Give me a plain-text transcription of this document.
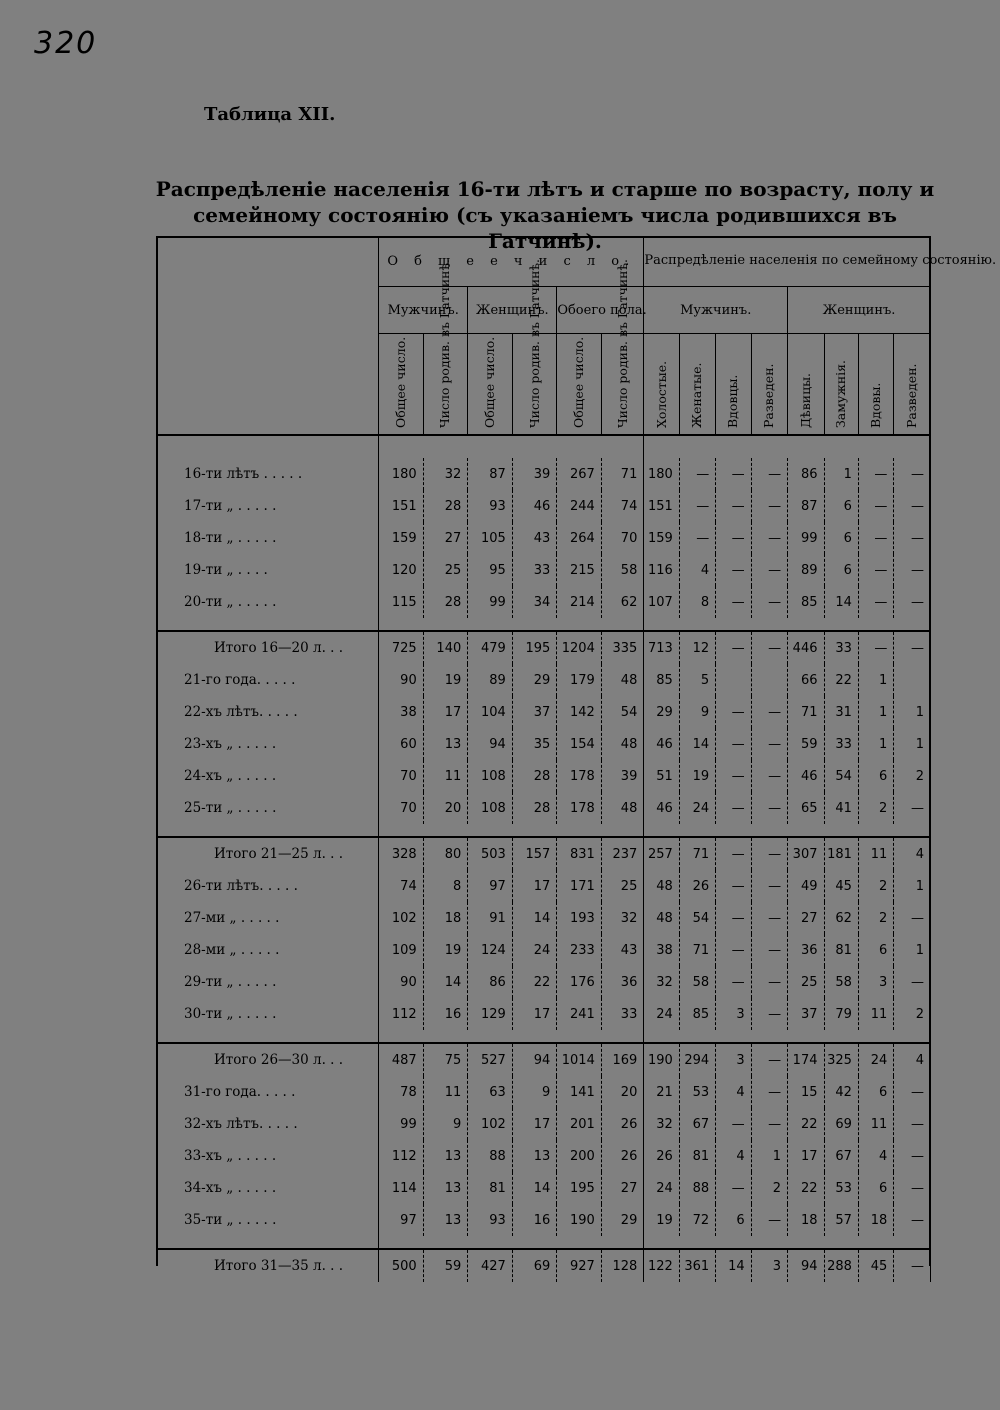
320
Таблица XII.
Распредѣленіе населенія 16-ти лѣтъ и старше по возрасту, полу и семейному состоянію (съ указаніемъ числа родившихся въ Гатчинѣ).
	О б щ е е ч и с л о.						Распредѣленіе населенія по семейному состоянію.							
	Мужчинъ.		Женщинъ.		Обоего пола.		Мужчинъ.				Женщинъ.			

	Общее число.	Число родив. въ Гатчинѣ.	Общее число.	Число родив. въ Гатчинѣ.	Общее число.	Число родив. въ Гатчинѣ.	Холостые.	Женатые.	Вдовцы.	Разведен.	Дѣвицы.	Замужнія.	Вдовы.	Разведен.

16-ти лѣтъ . . . . .	180	32	87	39	267	71	180	—	—	—	86	1	—	—
17-ти „ . . . . .	151	28	93	46	244	74	151	—	—	—	87	6	—	—
18-ти „ . . . . .	159	27	105	43	264	70	159	—	—	—	99	6	—	—
19-ти „ . . . .	120	25	95	33	215	58	116	4	—	—	89	6	—	—
20-ти „ . . . . .	115	28	99	34	214	62	107	8	—	—	85	14	—	—

Итого 16—20 л. . .	725	140	479	195	1204	335	713	12	—	—	446	33	—	—
21-го года. . . . .	90	19	89	29	179	48	85	5			66	22	1	
22-хъ лѣтъ. . . . .	38	17	104	37	142	54	29	9	—	—	71	31	1	1
23-хъ „ . . . . .	60	13	94	35	154	48	46	14	—	—	59	33	1	1
24-хъ „ . . . . .	70	11	108	28	178	39	51	19	—	—	46	54	6	2
25-ти „ . . . . .	70	20	108	28	178	48	46	24	—	—	65	41	2	—

Итого 21—25 л. . .	328	80	503	157	831	237	257	71	—	—	307	181	11	4
26-ти лѣтъ. . . . .	74	8	97	17	171	25	48	26	—	—	49	45	2	1
27-ми „ . . . . .	102	18	91	14	193	32	48	54	—	—	27	62	2	—
28-ми „ . . . . .	109	19	124	24	233	43	38	71	—	—	36	81	6	1
29-ти „ . . . . .	90	14	86	22	176	36	32	58	—	—	25	58	3	—
30-ти „ . . . . .	112	16	129	17	241	33	24	85	3	—	37	79	11	2

Итого 26—30 л. . .	487	75	527	94	1014	169	190	294	3	—	174	325	24	4
31-го года. . . . .	78	11	63	9	141	20	21	53	4	—	15	42	6	—
32-хъ лѣтъ. . . . .	99	9	102	17	201	26	32	67	—	—	22	69	11	—
33-хъ „ . . . . .	112	13	88	13	200	26	26	81	4	1	17	67	4	—
34-хъ „ . . . . .	114	13	81	14	195	27	24	88	—	2	22	53	6	—
35-ти „ . . . . .	97	13	93	16	190	29	19	72	6	—	18	57	18	—

Итого 31—35 л. . .	500	59	427	69	927	128	122	361	14	3	94	288	45	—
